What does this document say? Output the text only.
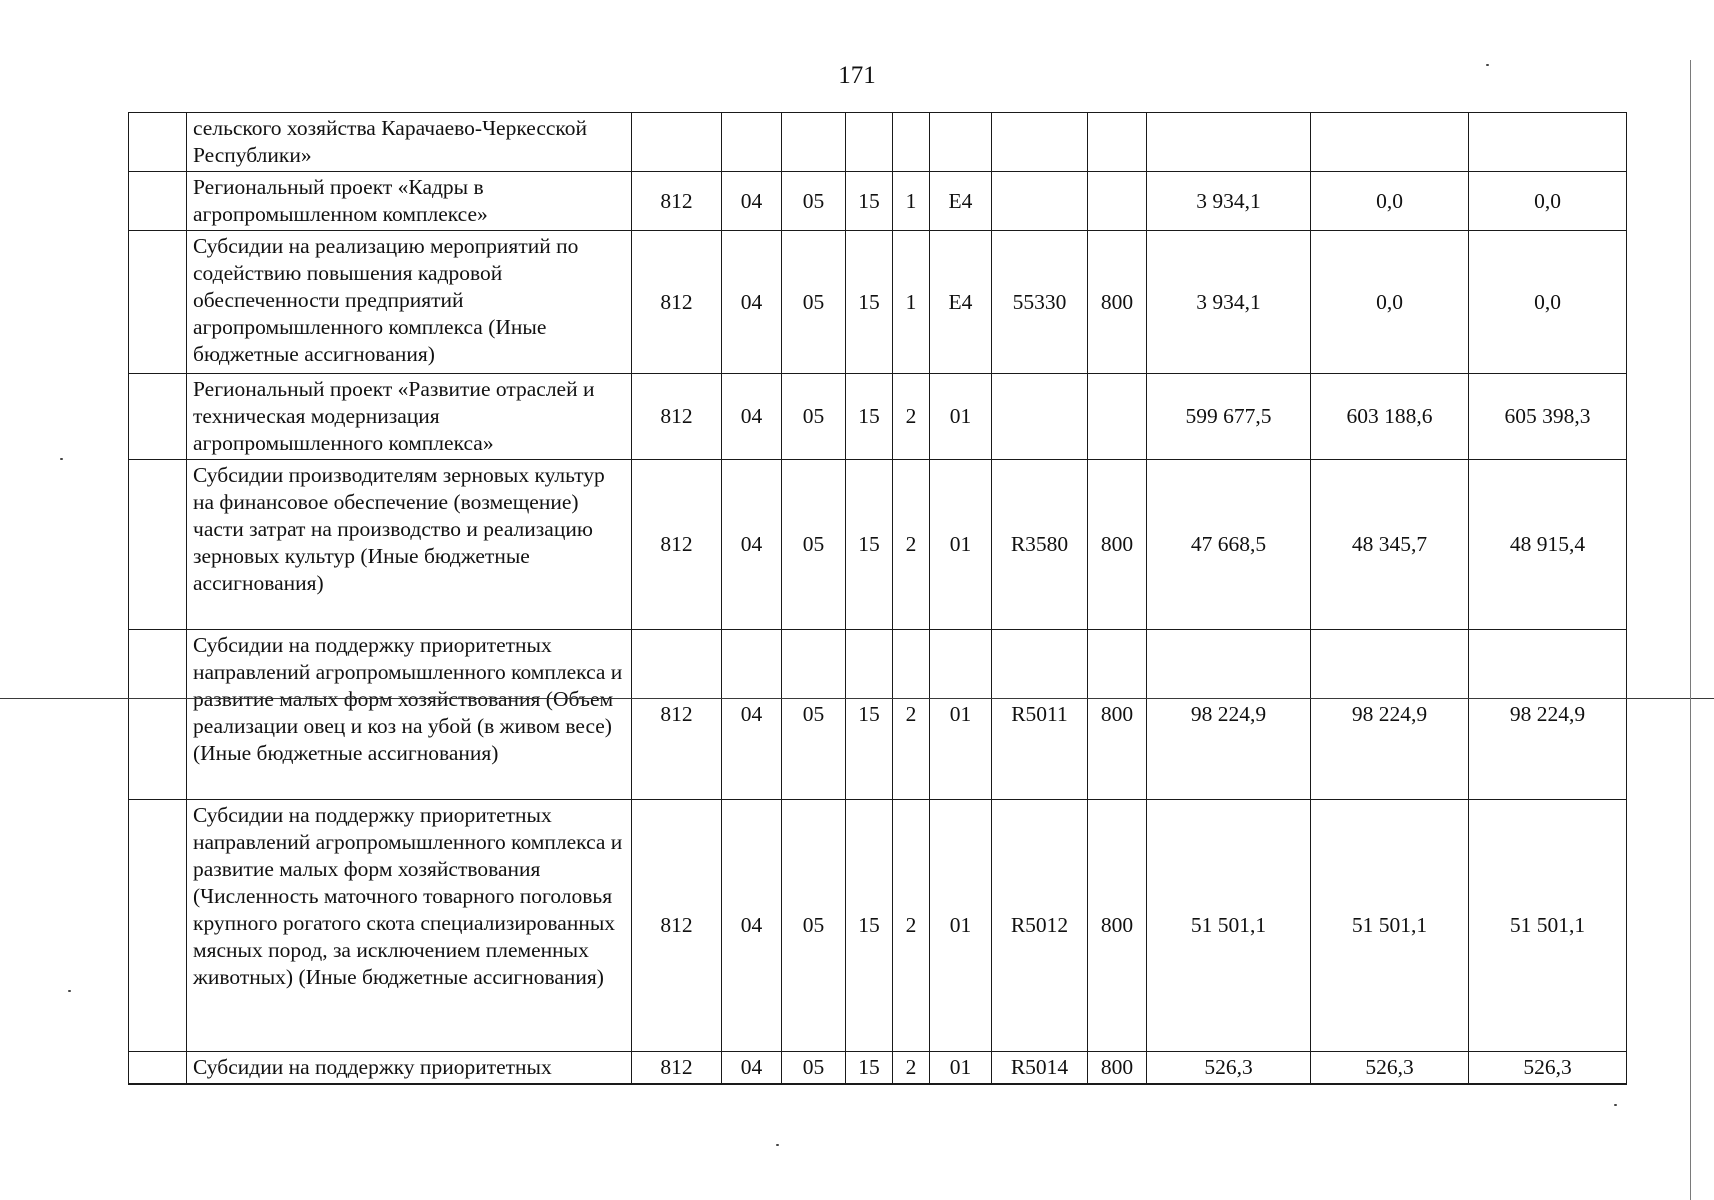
171
	сельского хозяйства Карачаево-Черкесской Республики»											
	Региональный проект «Кадры в агропромышленном комплексе»	812	04	05	15	1	Е4			3 934,1	0,0	0,0
	Субсидии на реализацию мероприятий по содействию повышения кадровой обеспеченности предприятий агропромышленного комплекса (Иные бюджетные ассигнования)	812	04	05	15	1	Е4	55330	800	3 934,1	0,0	0,0
	Региональный проект «Развитие отраслей и техническая модернизация агропромышленного комплекса»	812	04	05	15	2	01			599 677,5	603 188,6	605 398,3
	Субсидии производителям зерновых культур на финансовое обеспечение (возмещение) части затрат на производство и реализацию зерновых культур (Иные бюджетные ассигнования)	812	04	05	15	2	01	R3580	800	47 668,5	48 345,7	48 915,4
	Субсидии на поддержку приоритетных направлений агропромышленного комплекса и развитие малых форм хозяйствования (Объем реализации овец и коз на убой (в живом весе) (Иные бюджетные ассигнования)	812	04	05	15	2	01	R5011	800	98 224,9	98 224,9	98 224,9
	Субсидии на поддержку приоритетных направлений агропромышленного комплекса и развитие малых форм хозяйствования (Численность маточного товарного поголовья крупного рогатого скота специализированных мясных пород, за исключением племенных животных) (Иные бюджетные ассигнования)	812	04	05	15	2	01	R5012	800	51 501,1	51 501,1	51 501,1
	Субсидии на поддержку приоритетных	812	04	05	15	2	01	R5014	800	526,3	526,3	526,3
